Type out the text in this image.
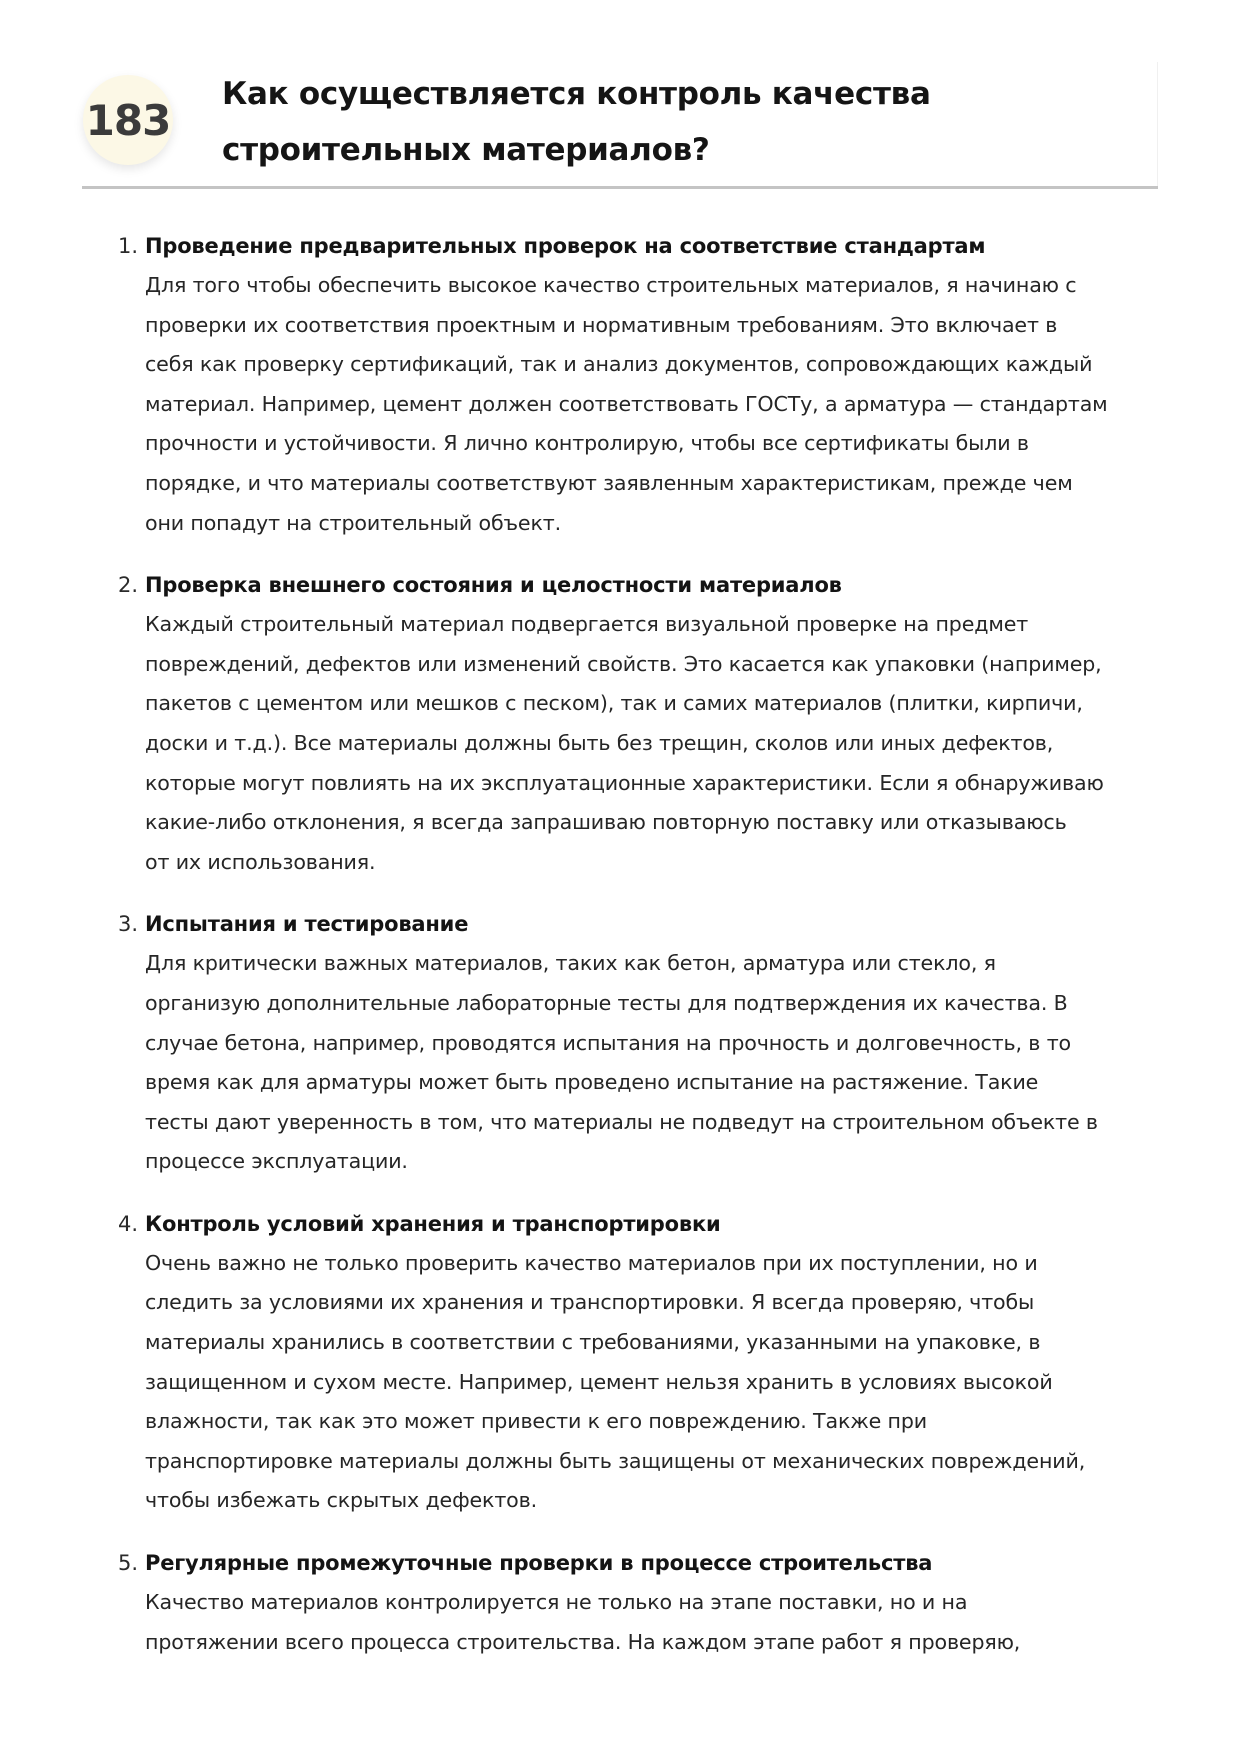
183
Как осуществляется контроль качества
строительных материалов?
1. Проведение предварительных проверок на соответствие стандартам
Для того чтобы обеспечить высокое качество строительных материалов, я начинаю с
проверки их соответствия проектным и нормативным требованиям. Это включает в
себя как проверку сертификаций, так и анализ документов, сопровождающих каждый
материал. Например, цемент должен соответствовать ГОСТу, а арматура — стандартам
прочности и устойчивости. Я лично контролирую, чтобы все сертификаты были в
порядке, и что материалы соответствуют заявленным характеристикам, прежде чем
они попадут на строительный объект.
2. Проверка внешнего состояния и целостности материалов
Каждый строительный материал подвергается визуальной проверке на предмет
повреждений, дефектов или изменений свойств. Это касается как упаковки (например,
пакетов с цементом или мешков с песком), так и самих материалов (плитки, кирпичи,
доски и т.д.). Все материалы должны быть без трещин, сколов или иных дефектов,
которые могут повлиять на их эксплуатационные характеристики. Если я обнаруживаю
какие-либо отклонения, я всегда запрашиваю повторную поставку или отказываюсь
от их использования.
3. Испытания и тестирование
Для критически важных материалов, таких как бетон, арматура или стекло, я
организую дополнительные лабораторные тесты для подтверждения их качества. В
случае бетона, например, проводятся испытания на прочность и долговечность, в то
время как для арматуры может быть проведено испытание на растяжение. Такие
тесты дают уверенность в том, что материалы не подведут на строительном объекте в
процессе эксплуатации.
4. Контроль условий хранения и транспортировки
Очень важно не только проверить качество материалов при их поступлении, но и
следить за условиями их хранения и транспортировки. Я всегда проверяю, чтобы
материалы хранились в соответствии с требованиями, указанными на упаковке, в
защищенном и сухом месте. Например, цемент нельзя хранить в условиях высокой
влажности, так как это может привести к его повреждению. Также при
транспортировке материалы должны быть защищены от механических повреждений,
чтобы избежать скрытых дефектов.
5. Регулярные промежуточные проверки в процессе строительства
Качество материалов контролируется не только на этапе поставки, но и на
протяжении всего процесса строительства. На каждом этапе работ я проверяю,
